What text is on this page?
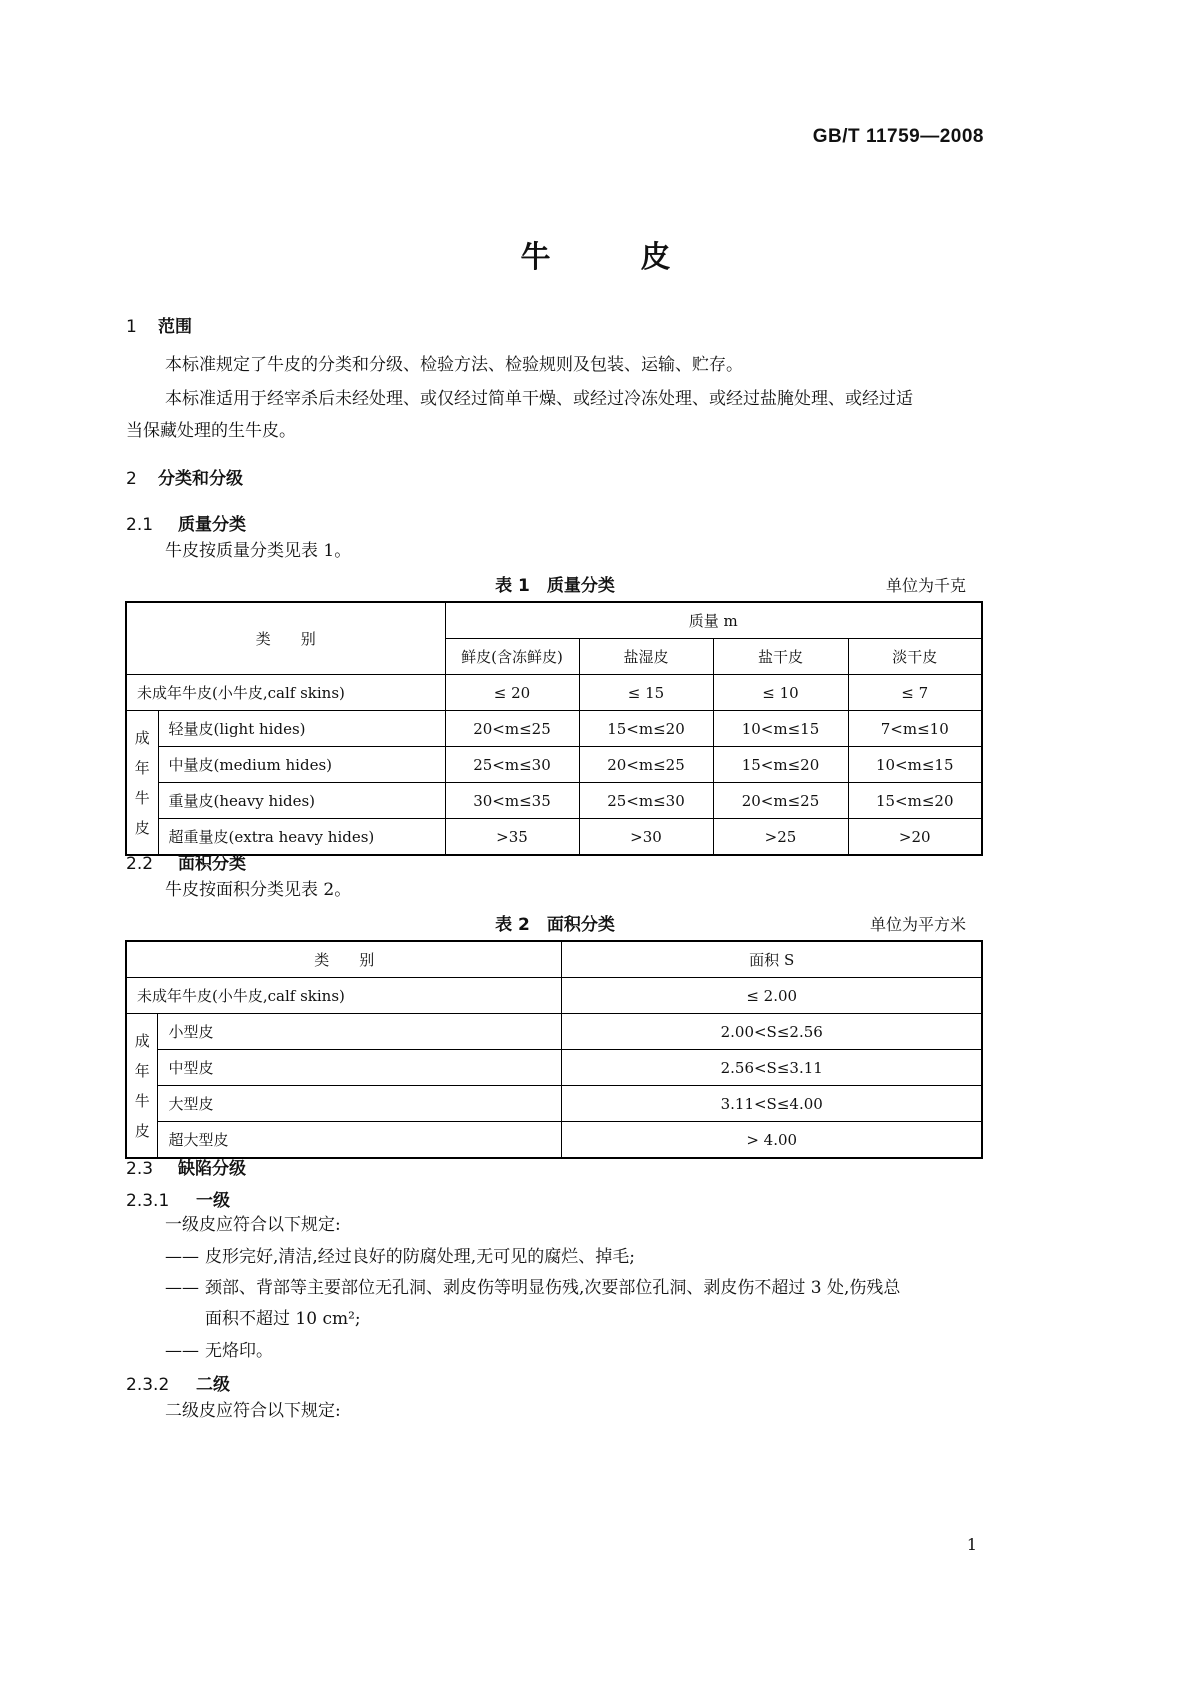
GB/T 11759—2008
牛	皮
1 范围
本标准规定了牛皮的分类和分级、检验方法、检验规则及包装、运输、贮存。
本标准适用于经宰杀后未经处理、或仅经过简单干燥、或经过冷冻处理、或经过盐腌处理、或经过适
当保藏处理的生牛皮。
2 分类和分级
2.1 质量分类
牛皮按质量分类见表 1。
表 1　质量分类	单位为千克
类　　别		质量 m			
		鲜皮(含冻鲜皮)	盐湿皮	盐干皮	淡干皮
未成年牛皮(小牛皮,calf skins)		≤ 20	≤ 15	≤ 10	≤ 7
成
年
牛
皮	轻量皮(light hides)	20<m≤25	15<m≤20	10<m≤15	7<m≤10
	中量皮(medium hides)	25<m≤30	20<m≤25	15<m≤20	10<m≤15
	重量皮(heavy hides)	30<m≤35	25<m≤30	20<m≤25	15<m≤20
	超重量皮(extra heavy hides)	>35	>30	>25	>20
2.2 面积分类
牛皮按面积分类见表 2。
表 2　面积分类	单位为平方米
类　　别		面积 S
未成年牛皮(小牛皮,calf skins)		≤ 2.00
成
年
牛
皮	小型皮	2.00<S≤2.56
	中型皮	2.56<S≤3.11
	大型皮	3.11<S≤4.00
	超大型皮	> 4.00
2.3 缺陷分级
2.3.1 一级
一级皮应符合以下规定:
—— 皮形完好,清洁,经过良好的防腐处理,无可见的腐烂、掉毛;
—— 颈部、背部等主要部位无孔洞、剥皮伤等明显伤残,次要部位孔洞、剥皮伤不超过 3 处,伤残总
面积不超过 10 cm²;
—— 无烙印。
2.3.2 二级
二级皮应符合以下规定:
1
